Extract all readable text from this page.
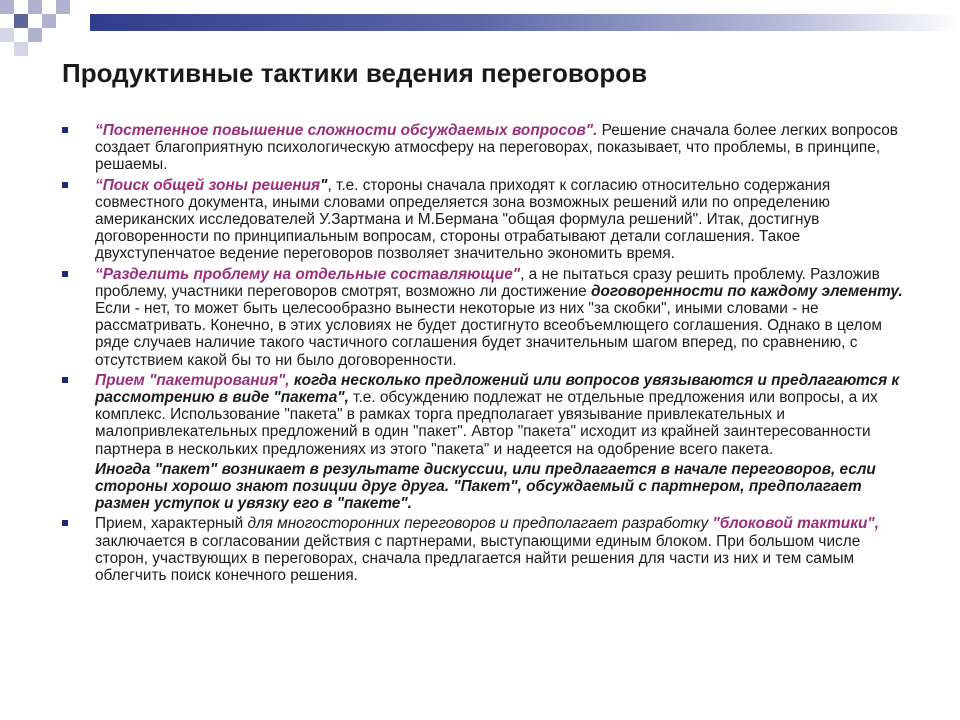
Продуктивные тактики ведения переговоров
“Постепенное повышение сложности обсуждаемых вопросов". Решение сначала более легких вопросов создает благоприятную психологическую атмосферу на переговорах, показывает, что проблемы, в принципе, решаемы.
“Поиск общей зоны решения", т.е. стороны сначала приходят к согласию относительно содержания совместного документа, иными словами определяется зона возможных решений или по определению американских исследователей У.Зартмана и М.Бермана "общая формула решений". Итак, достигнув договоренности по принципиальным вопросам, стороны отрабатывают детали соглашения. Такое двухступенчатое ведение переговоров позволяет значительно экономить время.
“Разделить проблему на отдельные составляющие", а не пытаться сразу решить проблему. Разложив проблему, участники переговоров смотрят, возможно ли достижение договоренности по каждому элементу. Если - нет, то может быть целесообразно вынести некоторые из них "за скобки", иными словами - не рассматривать. Конечно, в этих условиях не будет достигнуто всеобъемлющего соглашения. Однако в целом ряде случаев наличие такого частичного соглашения будет значительным шагом вперед, по сравнению, с отсутствием какой бы то ни было договоренности.
Прием "пакетирования", когда несколько предложений или вопросов увязываются и предлагаются к рассмотрению в виде "пакета", т.е. обсуждению подлежат не отдельные предложения или вопросы, а их комплекс. Использование "пакета" в рамках торга предполагает увязывание привлекательных и малопривлекательных предложений в один "пакет". Автор "пакета" исходит из крайней заинтересованности партнера в нескольких предложениях из этого "пакета" и надеется на одобрение всего пакета.
Иногда "пакет" возникает в результате дискуссии, или предлагается в начале переговоров, если стороны хорошо знают позиции друг друга. "Пакет", обсуждаемый с партнером, предполагает размен уступок и увязку его в "пакете".
Прием, характерный для многосторонних переговоров и предполагает разработку "блоковой тактики", заключается в согласовании действия с партнерами, выступающими единым блоком. При большом числе сторон, участвующих в переговорах, сначала предлагается найти решения для части из них и тем самым облегчить поиск конечного решения.
